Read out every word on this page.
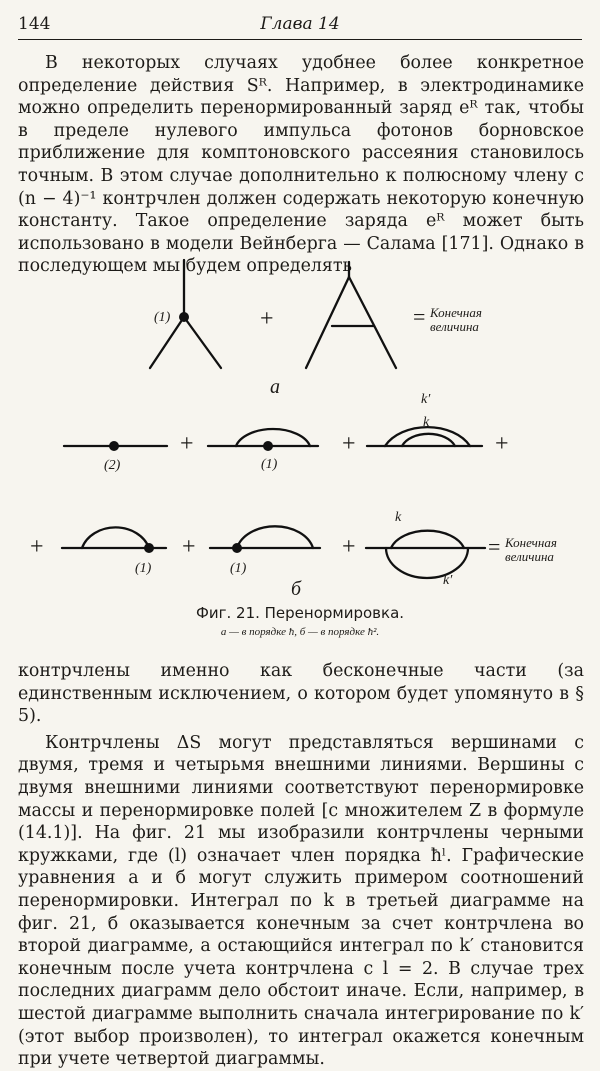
144	Глава 14

В некоторых случаях удобнее более конкретное определение действия Sᴿ. Например, в электродинамике можно определить перенормированный заряд eᴿ так, чтобы в пределе нулевого импульса фотонов борновское приближение для комптоновского рассеяния становилось точным. В этом случае дополнительно к полюсному члену с (n − 4)⁻¹ контрчлен должен содержать некоторую конечную константу. Такое определение заряда eᴿ может быть использовано в модели Вейнберга — Салама [171]. Однако в последующем мы будем определять

(1)	+	= Конечная
величина
а
(2)
+
(1)
+
k′
k
+
+
(1)
+
(1)
+
k
k′
= Конечная
величина
б
Фиг. 21. Перенормировка.
а — в порядке ħ, б — в порядке ħ².

контрчлены именно как бесконечные части (за единственным исключением, о котором будет упомянуто в § 5).

Контрчлены ΔS могут представляться вершинами с двумя, тремя и четырьмя внешними линиями. Вершины с двумя внешними линиями соответствуют перенормировке массы и перенормировке полей [с множителем Z в формуле (14.1)]. На фиг. 21 мы изобразили контрчлены черными кружками, где (l) означает член порядка ħˡ. Графические уравнения a и б могут служить примером соотношений перенормировки. Интеграл по k в третьей диаграмме на фиг. 21, б оказывается конечным за счет контрчлена во второй диаграмме, а остающийся интеграл по k′ становится конечным после учета контрчлена с l = 2. В случае трех последних диаграмм дело обстоит иначе. Если, например, в шестой диаграмме выполнить сначала интегрирование по k′ (этот выбор произволен), то интеграл окажется конечным при учете четвертой диаграммы.
